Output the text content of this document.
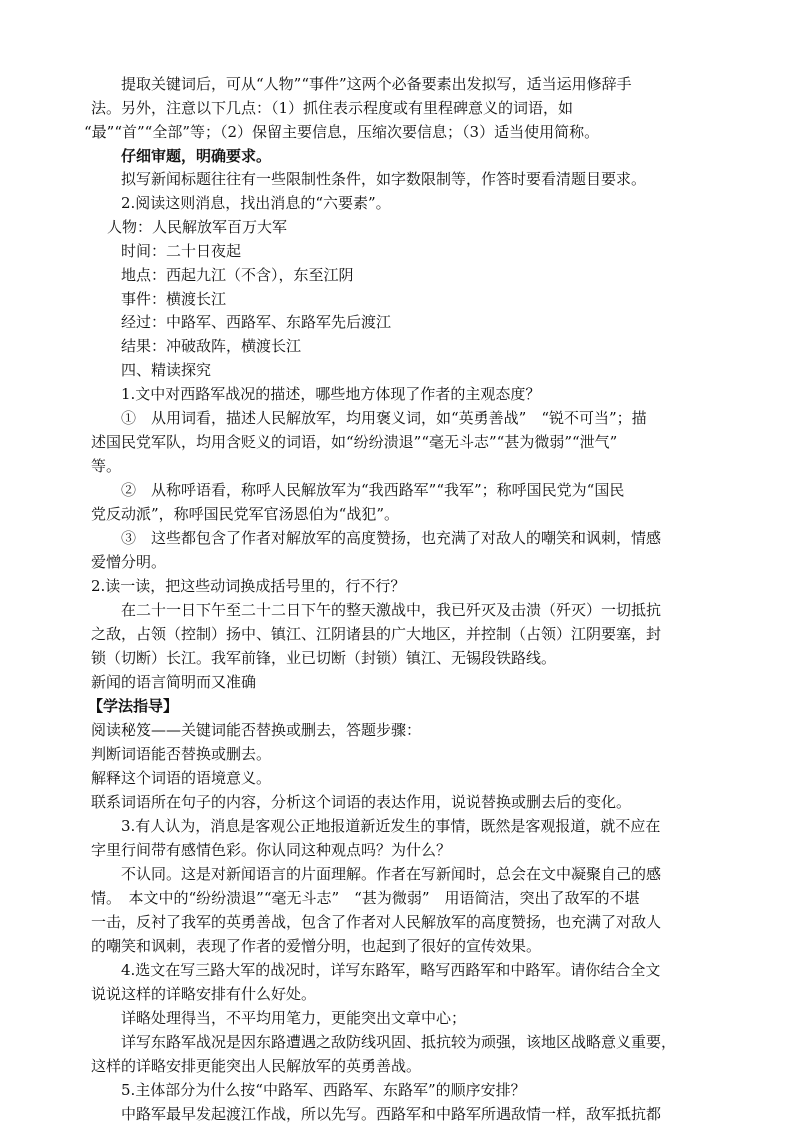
提取关键词后，可从“人物”“事件”这两个必备要素出发拟写，适当运用修辞手
法。另外，注意以下几点：（1）抓住表示程度或有里程碑意义的词语，如
“最”“首”“全部”等；（2）保留主要信息，压缩次要信息；（3）适当使用简称。
仔细审题，明确要求。
拟写新闻标题往往有一些限制性条件，如字数限制等，作答时要看清题目要求。
2.阅读这则消息，找出消息的“六要素”。
人物：人民解放军百万大军
时间：二十日夜起
地点：西起九江（不含），东至江阴
事件：横渡长江
经过：中路军、西路军、东路军先后渡江
结果：冲破敌阵，横渡长江
四、精读探究
1.文中对西路军战况的描述，哪些地方体现了作者的主观态度？
①　从用词看，描述人民解放军，均用褒义词，如“英勇善战”　“锐不可当”；描
述国民党军队，均用含贬义的词语，如“纷纷溃退”“毫无斗志”“甚为微弱”“泄气”
等。
②　从称呼语看，称呼人民解放军为“我西路军”“我军”；称呼国民党为“国民
党反动派”，称呼国民党军官汤恩伯为“战犯”。
③　这些都包含了作者对解放军的高度赞扬，也充满了对敌人的嘲笑和讽刺，情感
爱憎分明。
2.读一读，把这些动词换成括号里的，行不行？
在二十一日下午至二十二日下午的整天激战中，我已歼灭及击溃（歼灭）一切抵抗
之敌，占领（控制）扬中、镇江、江阴诸县的广大地区，并控制（占领）江阴要塞，封
锁（切断）长江。我军前锋，业已切断（封锁）镇江、无锡段铁路线。
新闻的语言简明而又准确
【学法指导】
阅读秘笈——关键词能否替换或删去，答题步骤：
判断词语能否替换或删去。
解释这个词语的语境意义。
联系词语所在句子的内容，分析这个词语的表达作用，说说替换或删去后的变化。
3.有人认为，消息是客观公正地报道新近发生的事情，既然是客观报道，就不应在
字里行间带有感情色彩。你认同这种观点吗？为什么？
不认同。这是对新闻语言的片面理解。作者在写新闻时，总会在文中凝聚自己的感
情。　本文中的“纷纷溃退”“毫无斗志”　“甚为微弱”　用语简洁，突出了敌军的不堪
一击，反衬了我军的英勇善战，包含了作者对人民解放军的高度赞扬，也充满了对敌人
的嘲笑和讽刺，表现了作者的爱憎分明，也起到了很好的宣传效果。
4.选文在写三路大军的战况时，详写东路军，略写西路军和中路军。请你结合全文
说说这样的详略安排有什么好处。
详略处理得当，不平均用笔力，更能突出文章中心；
详写东路军战况是因东路遭遇之敌防线巩固、抵抗较为顽强，该地区战略意义重要，
这样的详略安排更能突出人民解放军的英勇善战。
5.主体部分为什么按“中路军、西路军、东路军”的顺序安排？
中路军最早发起渡江作战，所以先写。西路军和中路军所遇敌情一样，敌军抵抗都
